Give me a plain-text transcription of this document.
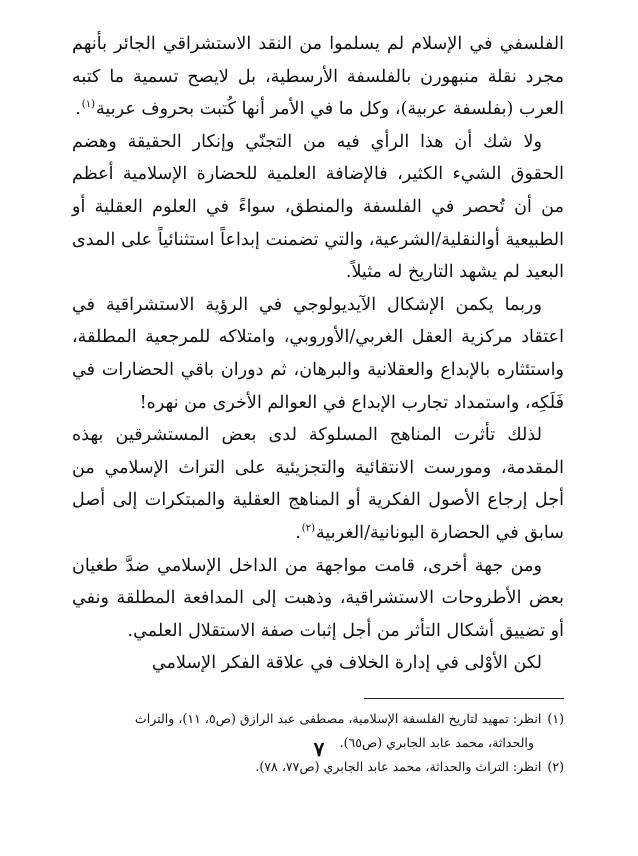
الفلسفي في الإسلام لم يسلموا من النقد الاستشراقي الجائر بأنهم مجرد نقلة منبهورن بالفلسفة الأرسطية، بل لايصح تسمية ما كتبه العرب (بفلسفة عربية)، وكل ما في الأمر أنها كُتبت بحروف عربية$^{(١)}$.

ولا شك أن هذا الرأي فيه من التجنّي وإنكار الحقيقة وهضم الحقوق الشيء الكثير، فالإضافة العلمية للحضارة الإسلامية أعظم من أن تُحصر في الفلسفة والمنطق، سواءً في العلوم العقلية أو الطبيعية أوالنقلية/الشرعية، والتي تضمنت إبداعاً استثنائياً على المدى البعيد لم يشهد التاريخ له مثيلاً.

وربما يكمن الإشكال الآيديولوجي في الرؤية الاستشراقية في اعتقاد مركزية العقل الغربي/الأوروبي، وامتلاكه للمرجعية المطلقة، واستئثاره بالإبداع والعقلانية والبرهان، ثم دوران باقي الحضارات في فَلَكِه، واستمداد تجارب الإبداع في العوالم الأخرى من نهره!

لذلك تأثرت المناهج المسلوكة لدى بعض المستشرقين بهذه المقدمة، ومورست الانتقائية والتجزيئية على التراث الإسلامي من أجل إرجاع الأصول الفكرية أو المناهج العقلية والمبتكرات إلى أصل سابق في الحضارة اليونانية/الغربية$^{(٢)}$.

ومن جهة أخرى، قامت مواجهة من الداخل الإسلامي ضدَّ طغيان بعض الأطروحات الاستشراقية، وذهبت إلى المدافعة المطلقة ونفي أو تضييق أشكال التأثر من أجل إثبات صفة الاستقلال العلمي.

لكن الأوْلى في إدارة الخلاف في علاقة الفكر الإسلامي

(١)انظر: تمهيد لتاريخ الفلسفة الإسلامية، مصطفى عبد الرازق (ص٥، ١١)، والتراث

والحداثة، محمد عابد الجابري (ص٦٥).

(٢)انظر: التراث والحداثة، محمد عابد الجابري (ص٧٧، ٧٨).

٧
